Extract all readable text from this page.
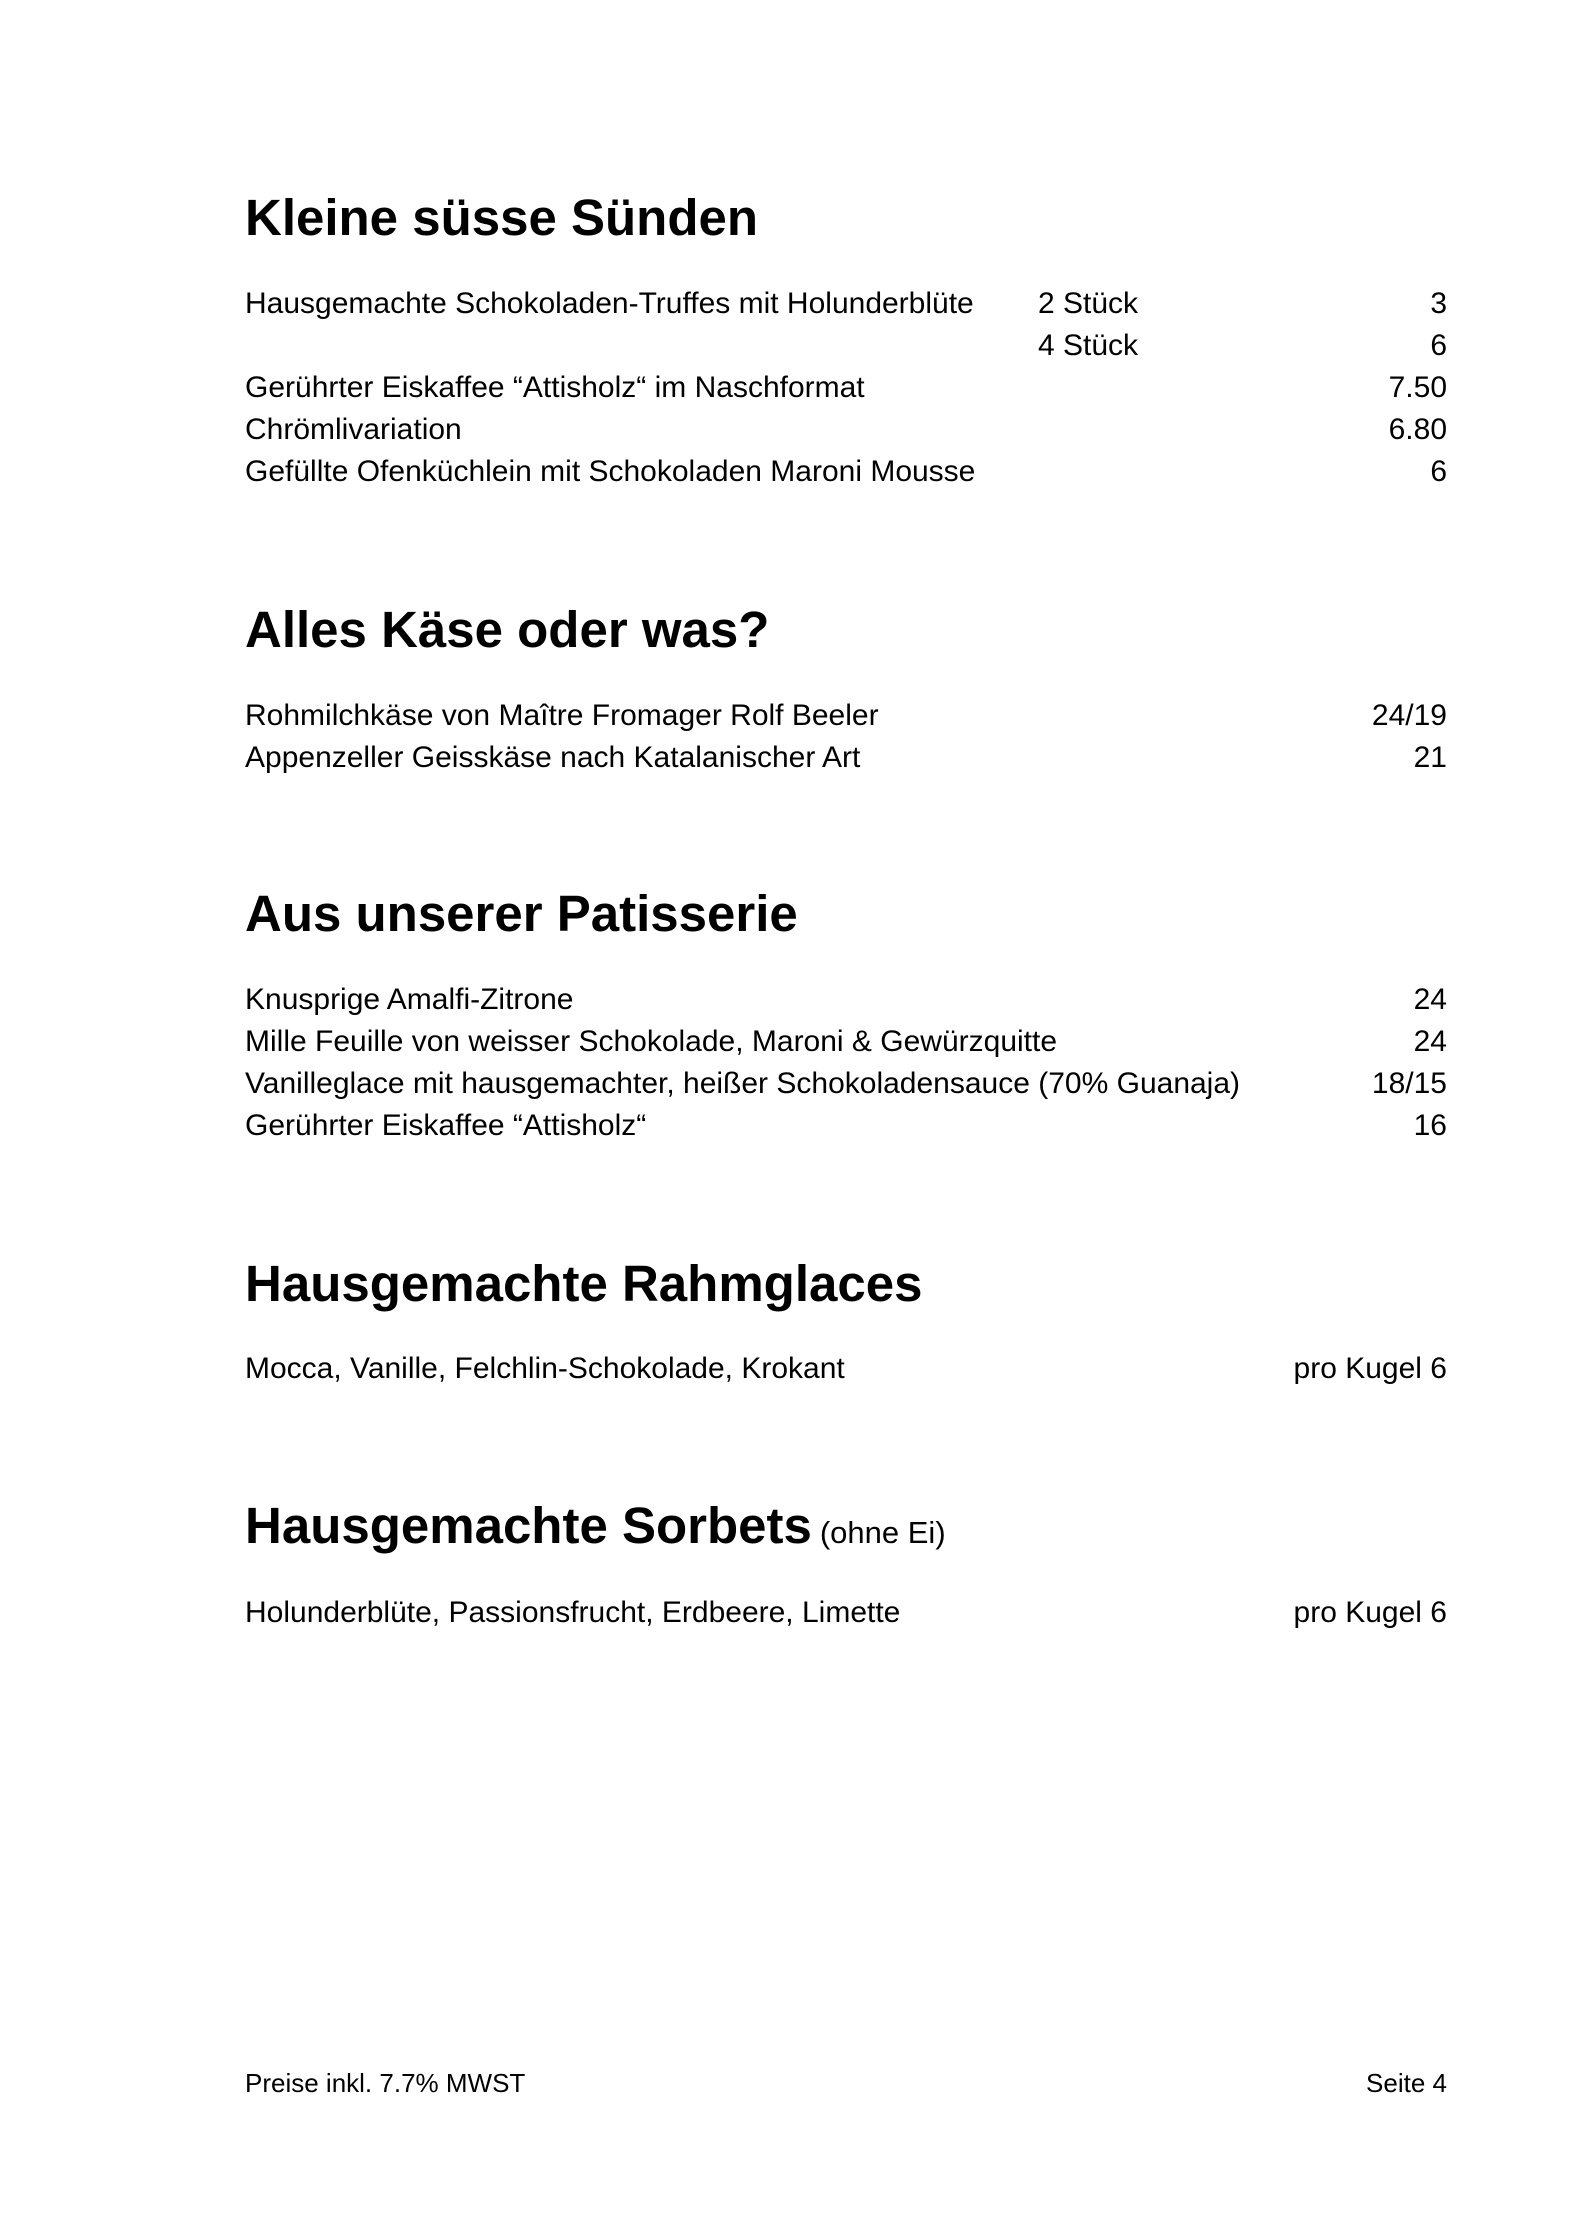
Kleine süsse Sünden
Hausgemachte Schokoladen-Truffes mit Holunderblüte 2 Stück	3
4 Stück	6
Gerührter Eiskaffee “Attisholz“ im Naschformat	7.50
Chrömlivariation	6.80
Gefüllte Ofenküchlein mit Schokoladen Maroni Mousse	6
Alles Käse oder was?
Rohmilchkäse von Maître Fromager Rolf Beeler	24/19
Appenzeller Geisskäse nach Katalanischer Art	21
Aus unserer Patisserie
Knusprige Amalfi-Zitrone	24
Mille Feuille von weisser Schokolade, Maroni & Gewürzquitte	24
Vanilleglace mit hausgemachter, heißer Schokoladensauce (70% Guanaja)	18/15
Gerührter Eiskaffee “Attisholz“	16
Hausgemachte Rahmglaces
Mocca, Vanille, Felchlin-Schokolade, Krokant	pro Kugel 6
Hausgemachte Sorbets (ohne Ei)
Holunderblüte, Passionsfrucht, Erdbeere, Limette	pro Kugel 6
Preise inkl. 7.7% MWST	Seite 4
